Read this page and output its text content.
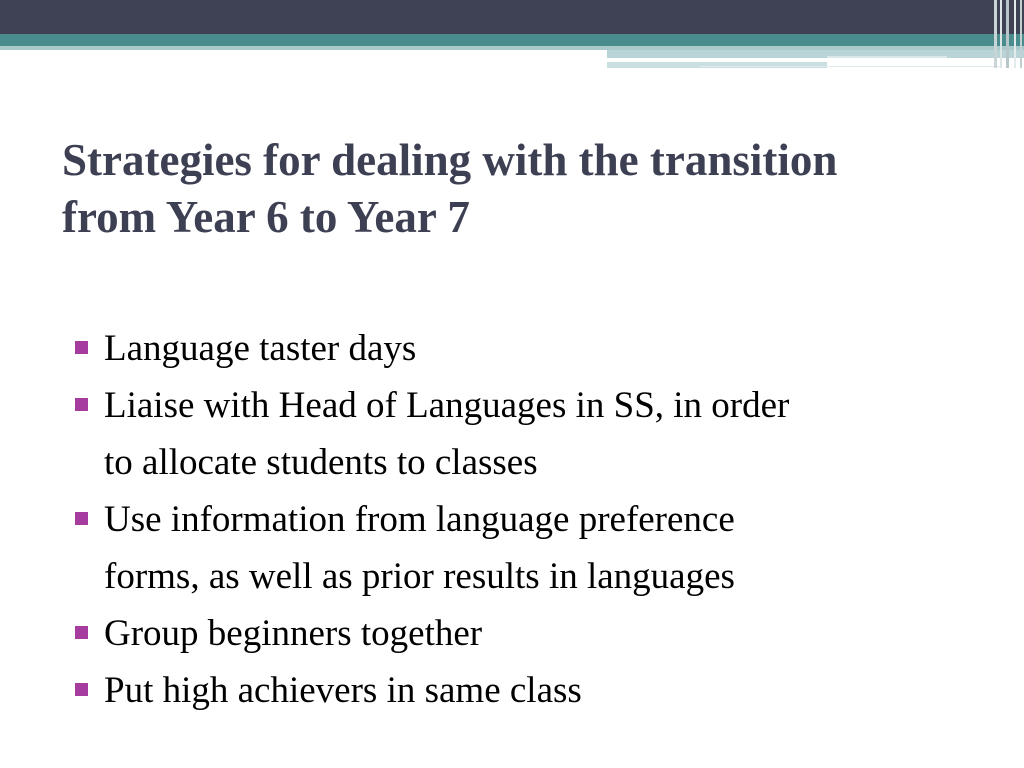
Strategies for dealing with the transition
from Year 6 to Year 7
Language taster days
Liaise with Head of Languages in SS, in order
to allocate students to classes
Use information from language preference
forms, as well as prior results in languages
Group beginners together
Put high achievers in same class
